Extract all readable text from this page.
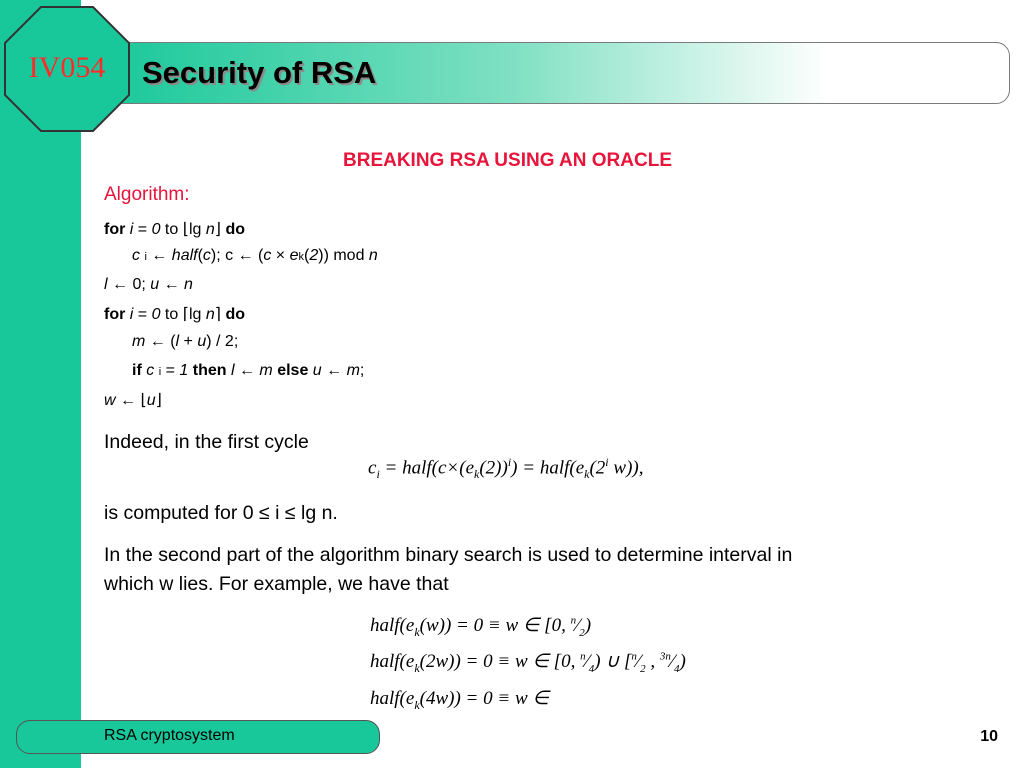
IV054	Security of RSA
BREAKING RSA USING AN ORACLE
Algorithm:
for i = 0 to ⌊lg n⌋ do
c i ← half(c); c ← (c × ek(2)) mod n
l ← 0; u ← n
for i = 0 to ⌈lg n⌉ do
m ← (l + u) / 2;
if c i = 1 then l ← m else u ← m;
w ← ⌊u⌋
Indeed, in the first cycle
$c_i$ = $half(c\times(e_k(2))^i)$ = $half(e_k(2^i$ w)),
is computed for 0 ≤ i ≤ lg n.
In the second part of the algorithm binary search is used to determine interval in
which w lies. For example, we have that
$half(e_k(w)) = 0 \equiv w$ ∈ [0, $^n⁄_2$)
$half(e_k(2w)) = 0 \equiv w$ ∈ [0, $^n⁄_4$) ∪ [$^n⁄_2$ , $^{3n}⁄_4$)
$half(e_k(4w)) = 0 \equiv w$ ∈
RSA cryptosystem	10
